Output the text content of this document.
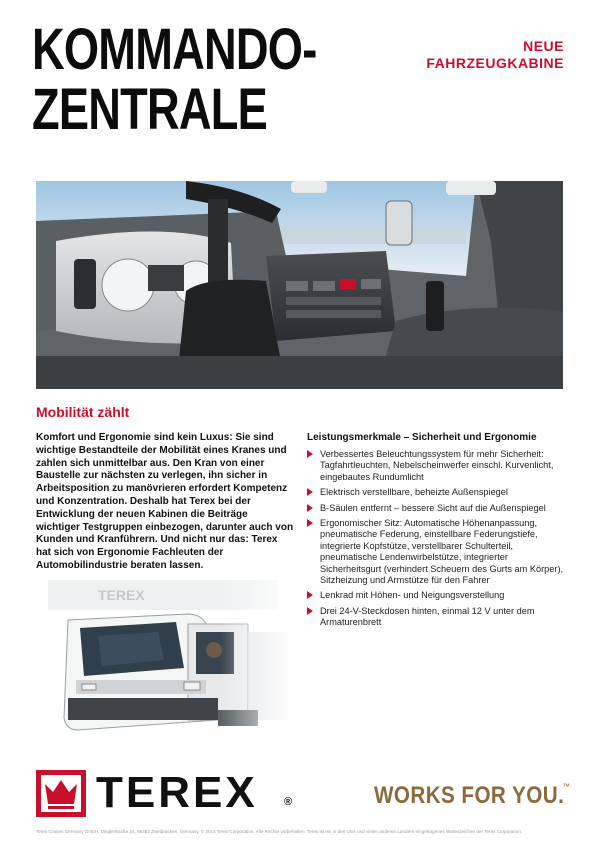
KOMMANDO-
ZENTRALE
NEUE
FAHRZEUGKABINE
Mobilität zählt

Komfort und Ergonomie sind kein Luxus: Sie sind wichtige Bestandteile der Mobilität eines Kranes und zahlen sich unmittelbar aus. Den Kran von einer Baustelle zur nächsten zu verlegen, ihn sicher in Arbeitsposition zu manövrieren erfordert Kompetenz und Konzentration. Deshalb hat Terex bei der Entwicklung der neuen Kabinen die Beiträge wichtiger Testgruppen einbezogen, darunter auch von Kunden und Kranführern. Und nicht nur das: Terex hat sich von Ergonomie Fachleuten der Automobilindustrie beraten lassen.

Leistungsmerkmale – Sicherheit und Ergonomie
Verbessertes Beleuchtungssystem für mehr Sicherheit: Tagfahrtleuchten, Nebelscheinwerfer einschl. Kurvenlicht, eingebautes Rundumlicht
Elektrisch verstellbare, beheizte Außenspiegel
B-Säulen entfernt – bessere Sicht auf die Außenspiegel
Ergonomischer Sitz: Automatische Höhenanpassung, pneumatische Federung, einstellbare Federungstiefe, integrierte Kopfstütze, verstellbarer Schulterteil, pneumatische Lendenwirbelstütze, integrierter Sicherheitsgurt (verhindert Scheuern des Gurts am Körper), Sitzheizung und Armstütze für den Fahrer
Lenkrad mit Höhen- und Neigungsverstellung
Drei 24-V-Steckdosen hinten, einmal 12 V unter dem Armaturenbrett
TEREX ®	WORKS FOR YOU.

™

Terex Cranes Germany GmbH, Dinglerstraße 24, 66482 Zweibrücken, Germany. © 2014 Terex Corporation. Alle Rechte vorbehalten. Terex ist ein in den USA und vielen anderen Ländern eingetragenes Warenzeichen der Terex Corporation.
